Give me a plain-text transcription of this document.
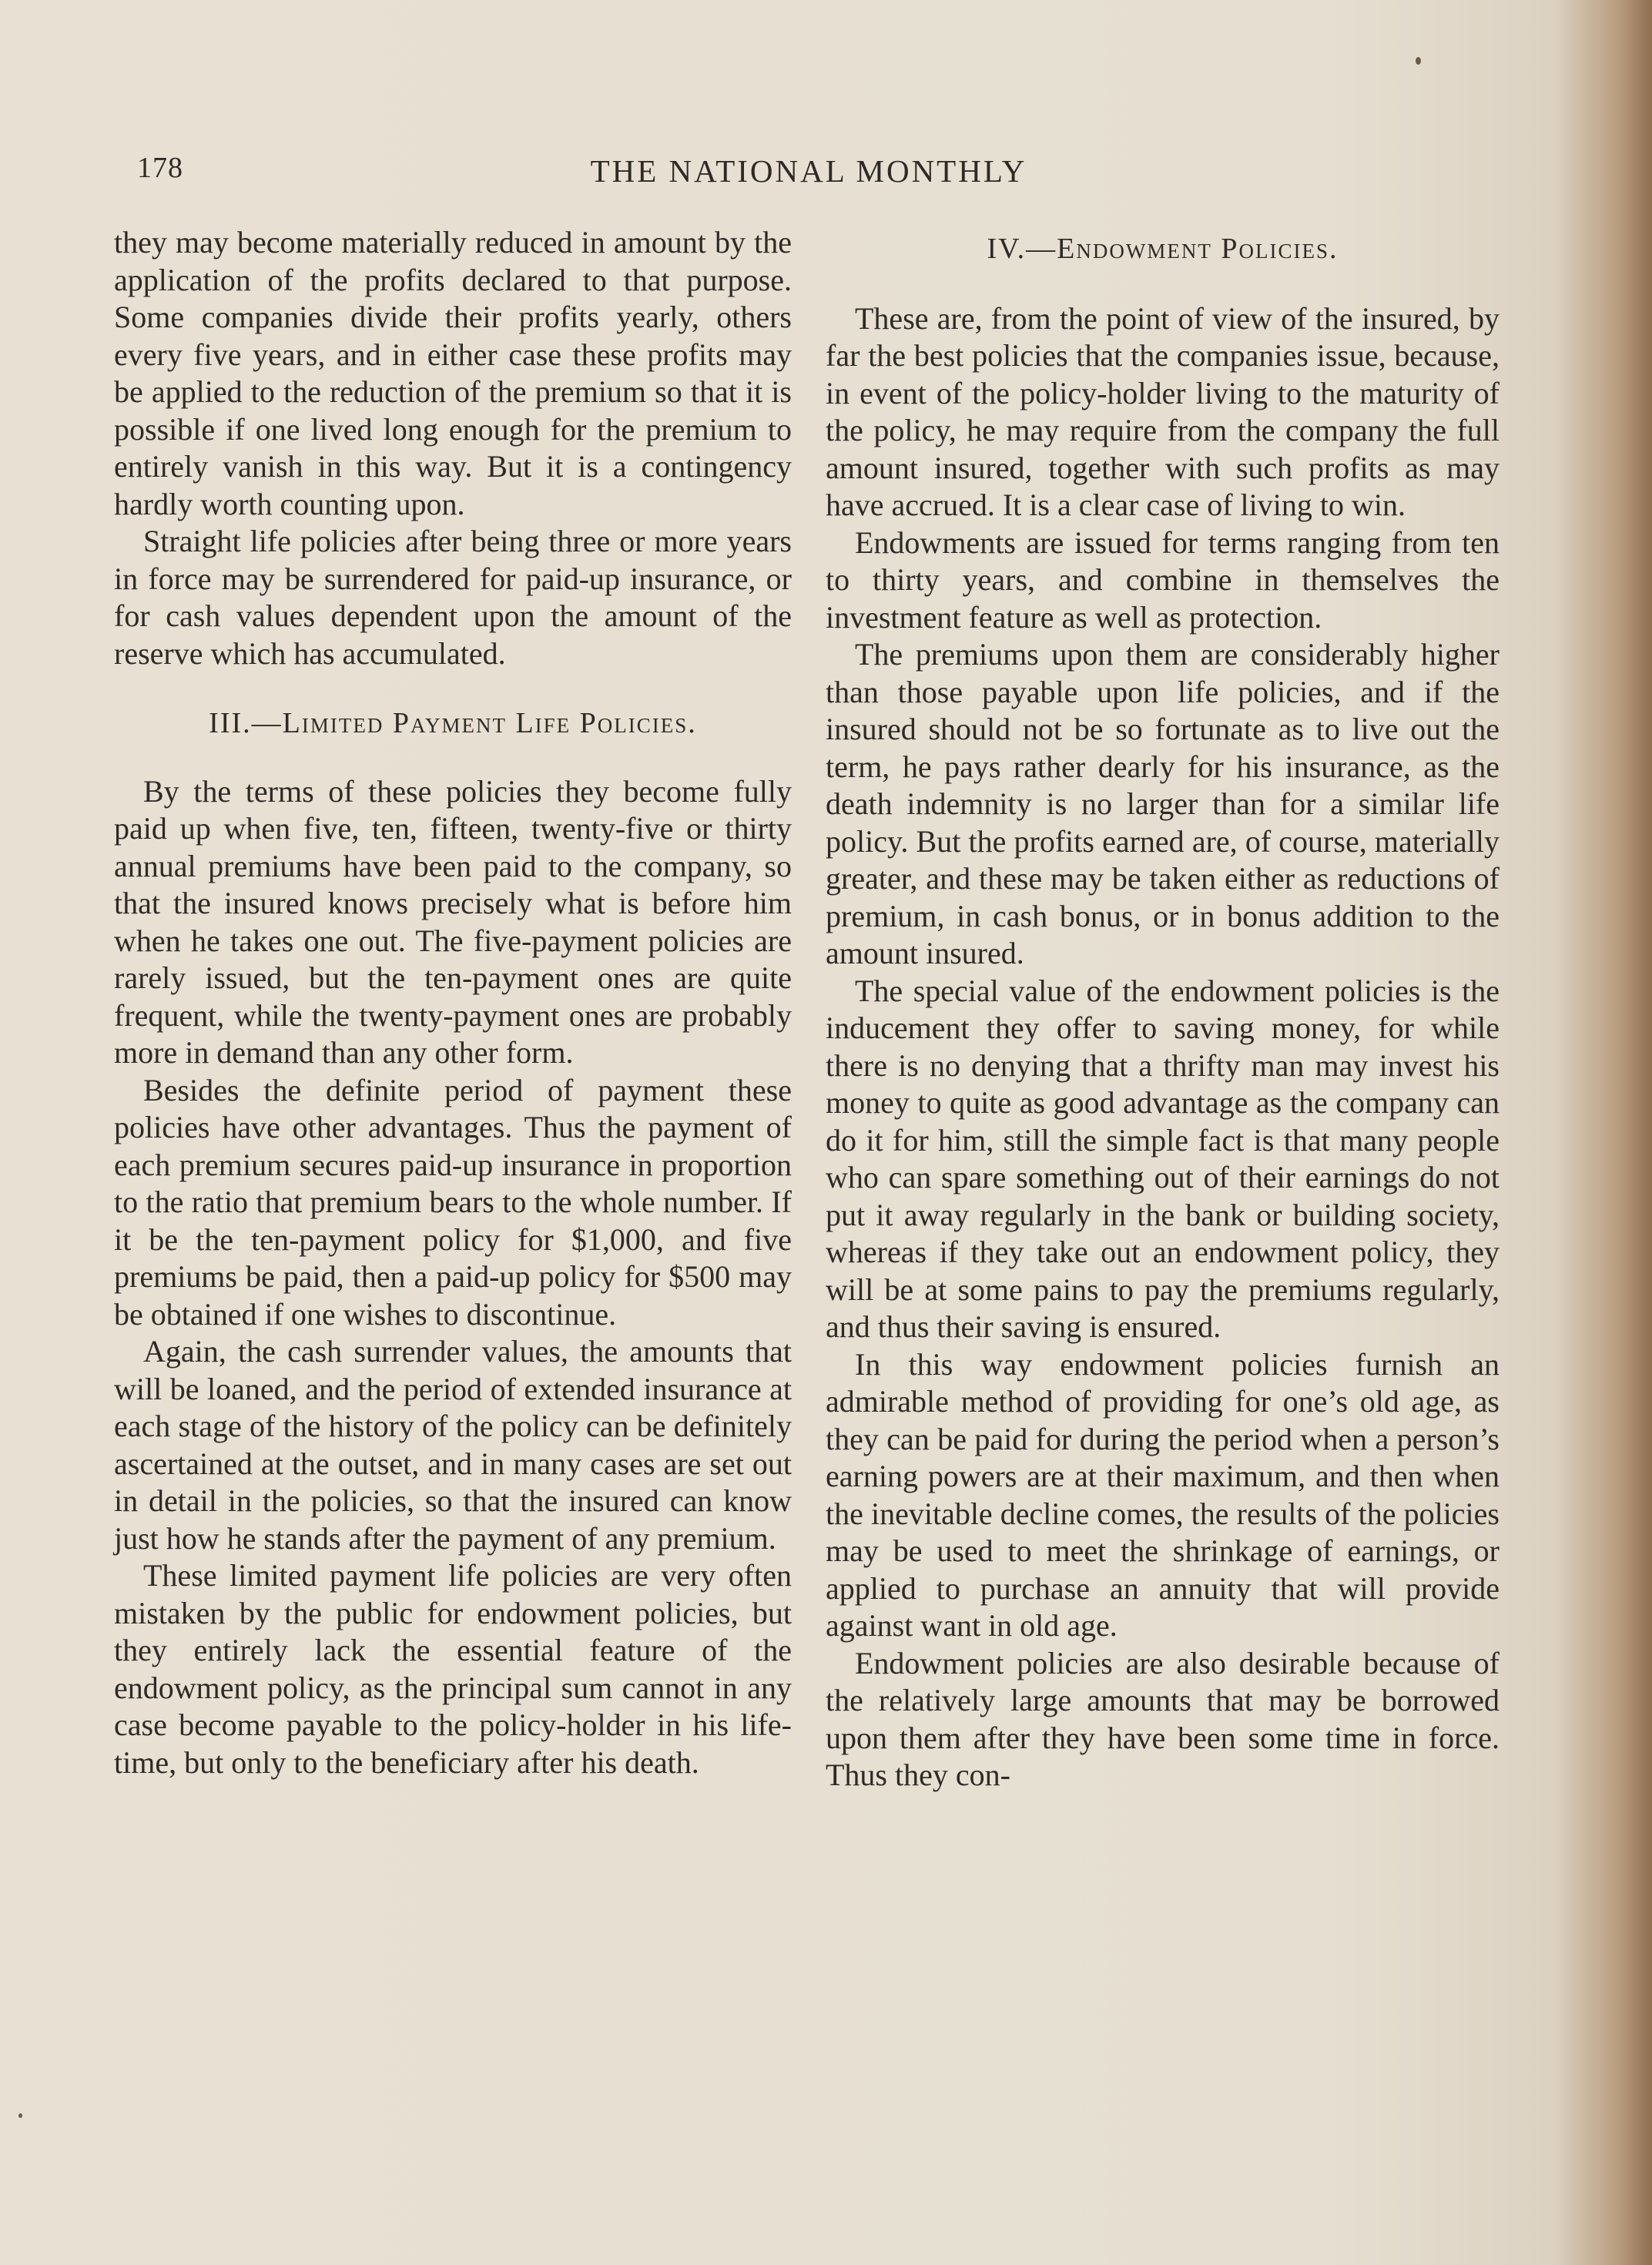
178	THE NATIONAL MONTHLY

they may become materially reduced in amount by the application of the profits declared to that purpose. Some companies divide their profits yearly, others every five years, and in either case these profits may be applied to the reduction of the premium so that it is possible if one lived long enough for the premium to entirely vanish in this way. But it is a contingency hardly worth counting upon.

Straight life policies after being three or more years in force may be surrendered for paid-up insurance, or for cash values dependent upon the amount of the reserve which has accumulated.

III.—Limited Payment Life Policies.

By the terms of these policies they become fully paid up when five, ten, fifteen, twenty-five or thirty annual premiums have been paid to the company, so that the insured knows precisely what is before him when he takes one out. The five-payment policies are rarely issued, but the ten-payment ones are quite frequent, while the twenty-payment ones are probably more in demand than any other form.

Besides the definite period of payment these policies have other advantages. Thus the payment of each premium secures paid-up insurance in proportion to the ratio that premium bears to the whole number. If it be the ten-payment policy for $1,000, and five premiums be paid, then a paid-up policy for $500 may be obtained if one wishes to discontinue.

Again, the cash surrender values, the amounts that will be loaned, and the period of extended insurance at each stage of the history of the policy can be definitely ascertained at the outset, and in many cases are set out in detail in the policies, so that the insured can know just how he stands after the payment of any premium.

These limited payment life policies are very often mistaken by the public for endowment policies, but they entirely lack the essential feature of the endowment policy, as the principal sum cannot in any case become payable to the policy-holder in his life-time, but only to the beneficiary after his death.

IV.—Endowment Policies.

These are, from the point of view of the insured, by far the best policies that the companies issue, because, in event of the policy-holder living to the maturity of the policy, he may require from the company the full amount insured, together with such profits as may have accrued. It is a clear case of living to win.

Endowments are issued for terms ranging from ten to thirty years, and combine in themselves the investment feature as well as protection.

The premiums upon them are considerably higher than those payable upon life policies, and if the insured should not be so fortunate as to live out the term, he pays rather dearly for his insurance, as the death indemnity is no larger than for a similar life policy. But the profits earned are, of course, materially greater, and these may be taken either as reductions of premium, in cash bonus, or in bonus addition to the amount insured.

The special value of the endowment policies is the inducement they offer to saving money, for while there is no denying that a thrifty man may invest his money to quite as good advantage as the company can do it for him, still the simple fact is that many people who can spare something out of their earnings do not put it away regularly in the bank or building society, whereas if they take out an endowment policy, they will be at some pains to pay the premiums regularly, and thus their saving is ensured.

In this way endowment policies furnish an admirable method of providing for one’s old age, as they can be paid for during the period when a person’s earning powers are at their maximum, and then when the inevitable decline comes, the results of the policies may be used to meet the shrinkage of earnings, or applied to purchase an annuity that will provide against want in old age.

Endowment policies are also desirable because of the relatively large amounts that may be borrowed upon them after they have been some time in force. Thus they con-
